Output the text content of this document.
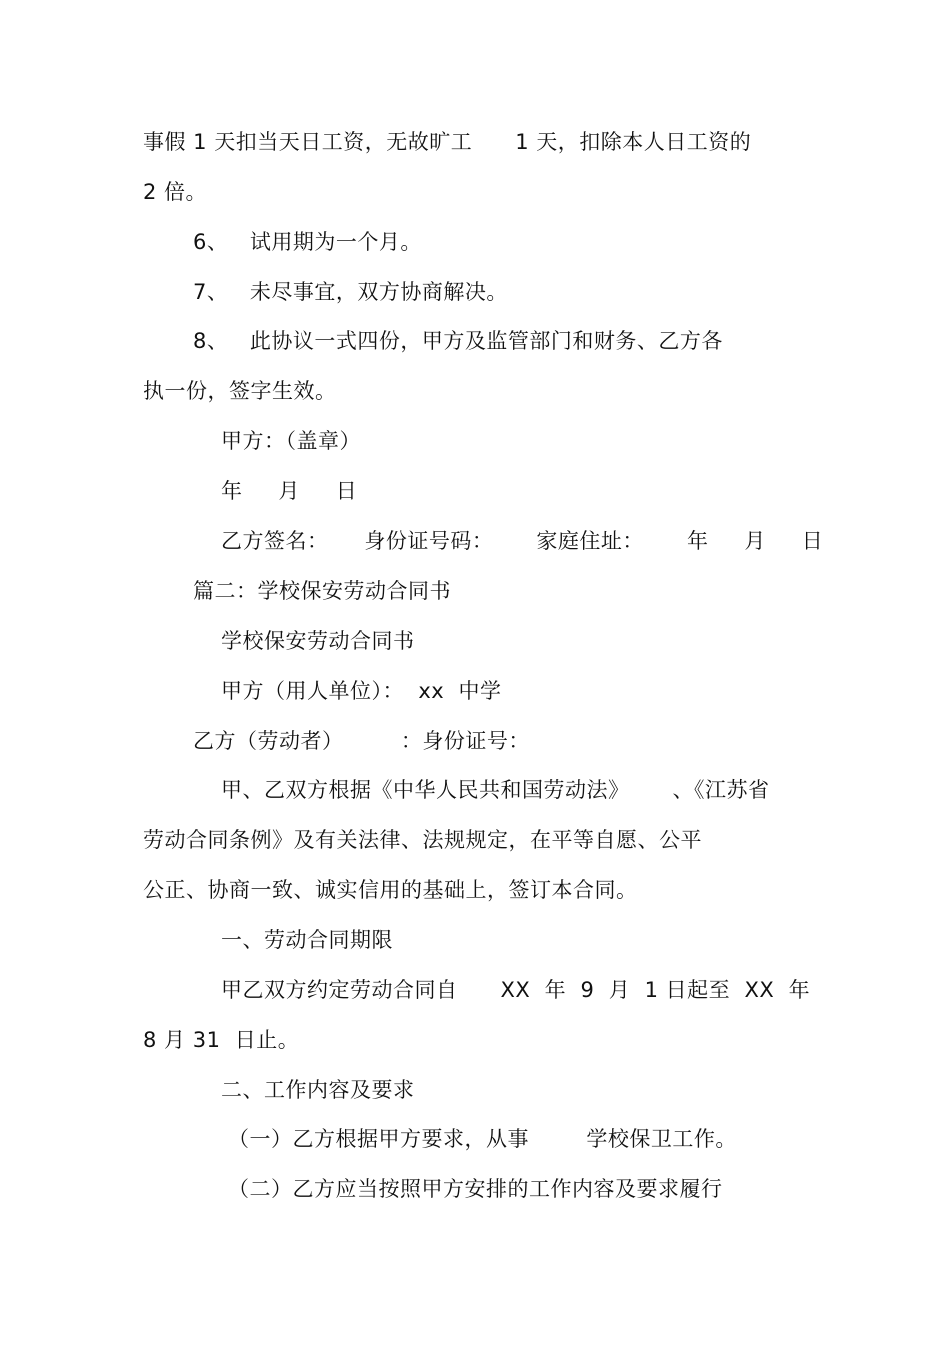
事假 1 天扣当天日工资，无故旷工      1 天，扣除本人日工资的
2 倍。
6、   试用期为一个月。
7、   未尽事宜，双方协商解决。
8、   此协议一式四份，甲方及监管部门和财务、乙方各
执一份，签字生效。
甲方：（盖章）
年     月     日
乙方签名：     身份证号码：      家庭住址：      年     月     日
篇二：学校保安劳动合同书
学校保安劳动合同书
甲方（用人单位）：  xx  中学
乙方（劳动者）        ：身份证号：
甲、乙双方根据《中华人民共和国劳动法》      、《江苏省
劳动合同条例》及有关法律、法规规定，在平等自愿、公平
公正、协商一致、诚实信用的基础上，签订本合同。
一、劳动合同期限
甲乙双方约定劳动合同自      XX  年  9  月  1 日起至  XX  年
8 月 31  日止。
二、工作内容及要求
（一）乙方根据甲方要求，从事        学校保卫工作。
（二）乙方应当按照甲方安排的工作内容及要求履行
